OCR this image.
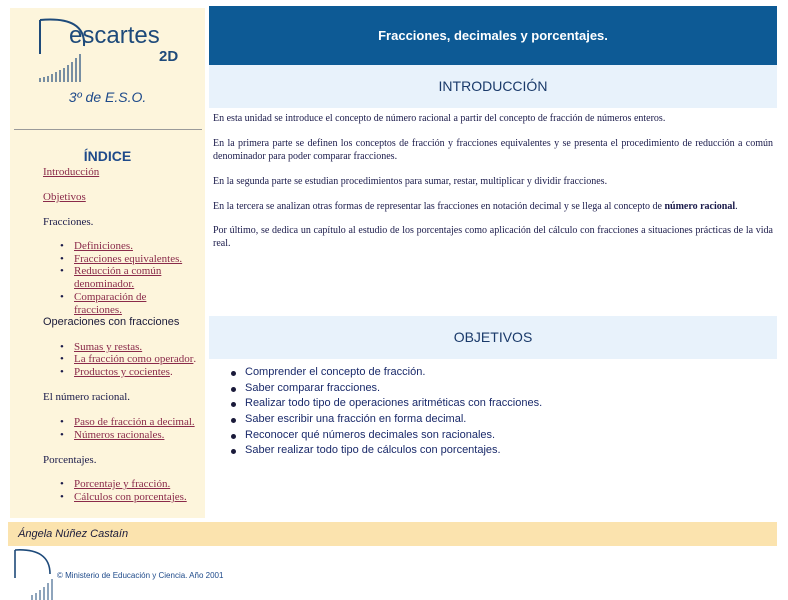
escartes
2D
3º de E.S.O.
ÍNDICE
Introducción
Objetivos
Fracciones.
• Definiciones.
• Fracciones equivalentes.
• Reducción a común denominador.
• Comparación de fracciones.
Operaciones con fracciones
• Sumas y restas.
• La fracción como operador.
• Productos y cocientes.
El número racional.
• Paso de fracción a decimal.
• Números racionales.
Porcentajes.
• Porcentaje y fracción.
• Cálculos con porcentajes.
Fracciones, decimales y porcentajes.
INTRODUCCIÓN

En esta unidad se introduce el concepto de número racional a partir del concepto de fracción de números enteros.

En la primera parte se definen los conceptos de fracción y fracciones equivalentes y se presenta el procedimiento de reducción a común denominador para poder comparar fracciones.

En la segunda parte se estudian procedimientos para sumar, restar, multiplicar y dividir fracciones.

En la tercera se analizan otras formas de representar las fracciones en notación decimal y se llega al concepto de número racional.

Por último, se dedica un capítulo al estudio de los porcentajes como aplicación del cálculo con fracciones a situaciones prácticas de la vida real.

OBJETIVOS
Comprender el concepto de fracción.
Saber comparar fracciones.
Realizar todo tipo de operaciones aritméticas con fracciones.
Saber escribir una fracción en forma decimal.
Reconocer qué números decimales son racionales.
Saber realizar todo tipo de cálculos con porcentajes.
Ángela Núñez Castaín
© Ministerio de Educación y Ciencia. Año 2001
